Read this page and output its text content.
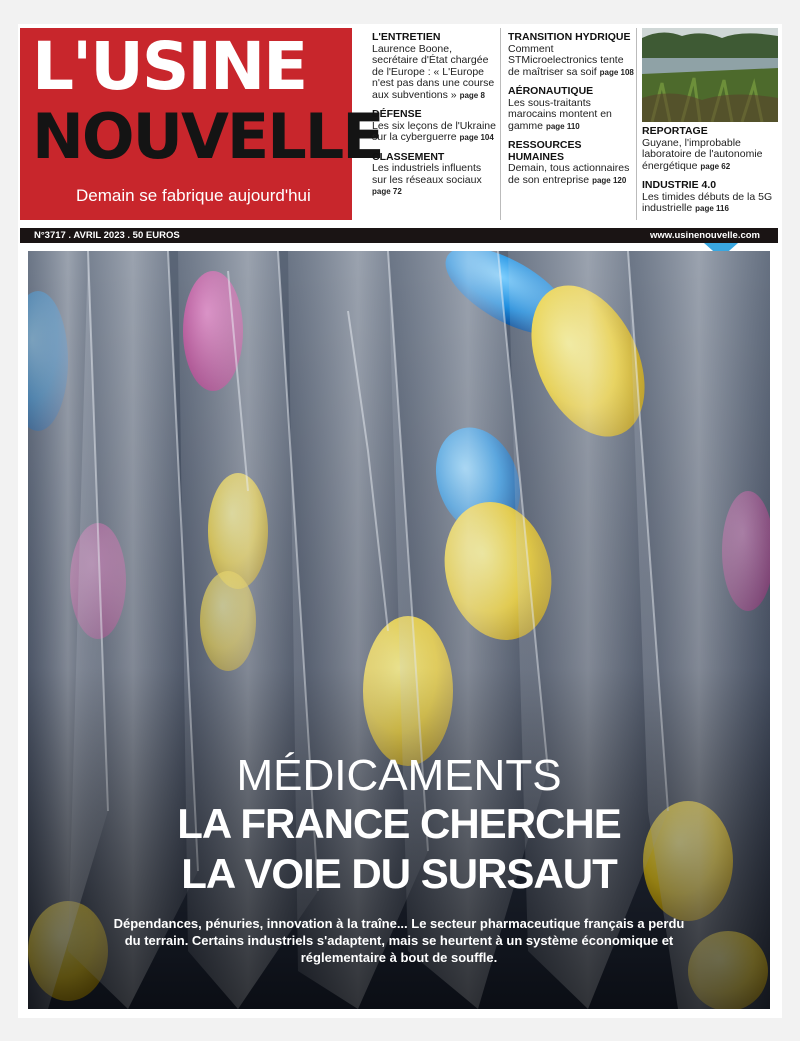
L'USINE
NOUVELLE
Demain se fabrique aujourd'hui
L'ENTRETIEN
Laurence Boone, secrétaire d'État chargée de l'Europe : « L'Europe n'est pas dans une course aux subventions » page 8
DÉFENSE
Les six leçons de l'Ukraine sur la cyberguerre page 104
CLASSEMENT
Les industriels influents sur les réseaux sociaux page 72
TRANSITION HYDRIQUE
Comment STMicroelectronics tente de maîtriser sa soif page 108
AÉRONAUTIQUE
Les sous-traitants marocains montent en gamme page 110
RESSOURCES HUMAINES
Demain, tous actionnaires de son entreprise page 120
REPORTAGE
Guyane, l'improbable laboratoire de l'autonomie énergétique page 62
INDUSTRIE 4.0
Les timides débuts de la 5G industrielle page 116
N°3717 . AVRIL 2023 . 50 EUROS	www.usinenouvelle.com
MÉDICAMENTS
LA FRANCE CHERCHE
LA VOIE DU SURSAUT
Dépendances, pénuries, innovation à la traîne... Le secteur pharmaceutique français a perdu du terrain. Certains industriels s'adaptent, mais se heurtent à un système économique et réglementaire à bout de souffle.
